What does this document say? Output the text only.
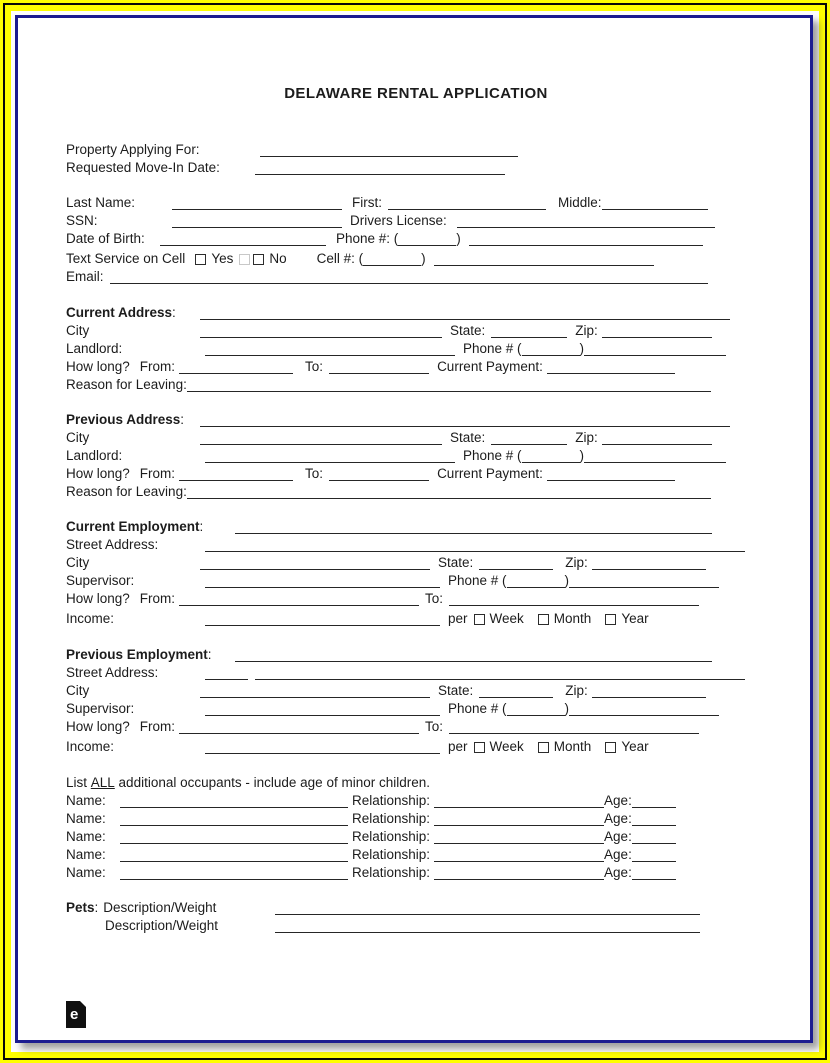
DELAWARE RENTAL APPLICATION
Property Applying For:
Requested Move-In Date:
Last Name:	First:	Middle:
SSN:	Drivers License:
Date of Birth:	Phone #: (	)
Text Service on Cell Yes	No Cell #: (	)
Email:
Current Address:
City	State:	Zip:
Landlord:	Phone # (	)
How long? From:	To:	Current Payment:
Reason for Leaving:
Previous Address:
City	State:	Zip:
Landlord:	Phone # (	)
How long? From:	To:	Current Payment:
Reason for Leaving:
Current Employment:
Street Address:
City	State:	Zip:
Supervisor:	Phone # (	)
How long? From:	To:
Income:	per Week Month Year
Previous Employment:
Street Address:
City	State:	Zip:
Supervisor:	Phone # (	)
How long? From:	To:
Income:	per Week Month Year
List ALL additional occupants - include age of minor children.
Name:	Relationship:	Age:
Name:	Relationship:	Age:
Name:	Relationship:	Age:
Name:	Relationship:	Age:
Name:	Relationship:	Age:
Pets: Description/Weight
Description/Weight
e
